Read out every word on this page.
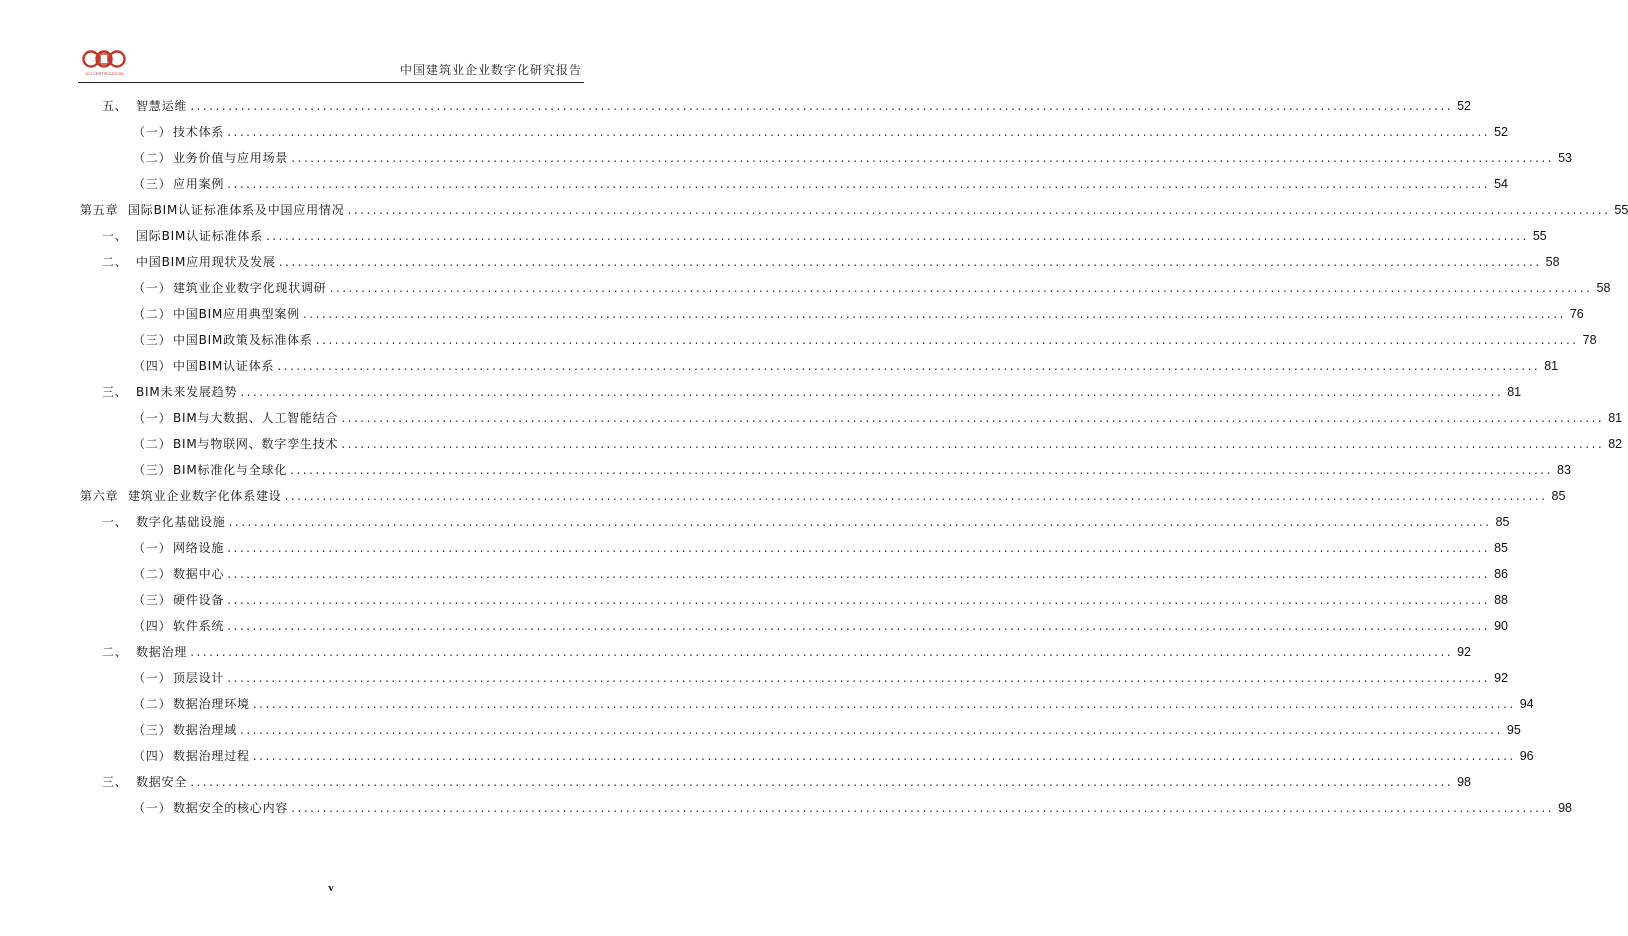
JGJ CERTIFICATION	中国建筑业企业数字化研究报告
五、 智慧运维 ........................................................................................................................................................................................................ 52
（一） 技术体系 ........................................................................................................................................................................................................ 52
（二） 业务价值与应用场景 ........................................................................................................................................................................................................ 53
（三） 应用案例 ........................................................................................................................................................................................................ 54
第五章 国际BIM认证标准体系及中国应用情况 ........................................................................................................................................................................................................ 55
一、 国际BIM认证标准体系 ........................................................................................................................................................................................................ 55
二、 中国BIM应用现状及发展 ........................................................................................................................................................................................................ 58
（一） 建筑业企业数字化现状调研 ........................................................................................................................................................................................................ 58
（二） 中国BIM应用典型案例 ........................................................................................................................................................................................................ 76
（三） 中国BIM政策及标准体系 ........................................................................................................................................................................................................ 78
（四） 中国BIM认证体系 ........................................................................................................................................................................................................ 81
三、 BIM未来发展趋势 ........................................................................................................................................................................................................ 81
（一） BIM与大数据、人工智能结合 ........................................................................................................................................................................................................ 81
（二） BIM与物联网、数字孪生技术 ........................................................................................................................................................................................................ 82
（三） BIM标准化与全球化 ........................................................................................................................................................................................................ 83
第六章 建筑业企业数字化体系建设 ........................................................................................................................................................................................................ 85
一、 数字化基础设施 ........................................................................................................................................................................................................ 85
（一） 网络设施 ........................................................................................................................................................................................................ 85
（二） 数据中心 ........................................................................................................................................................................................................ 86
（三） 硬件设备 ........................................................................................................................................................................................................ 88
（四） 软件系统 ........................................................................................................................................................................................................ 90
二、 数据治理 ........................................................................................................................................................................................................ 92
（一） 顶层设计 ........................................................................................................................................................................................................ 92
（二） 数据治理环境 ........................................................................................................................................................................................................ 94
（三） 数据治理域 ........................................................................................................................................................................................................ 95
（四） 数据治理过程 ........................................................................................................................................................................................................ 96
三、 数据安全 ........................................................................................................................................................................................................ 98
（一） 数据安全的核心内容 ........................................................................................................................................................................................................ 98
v
